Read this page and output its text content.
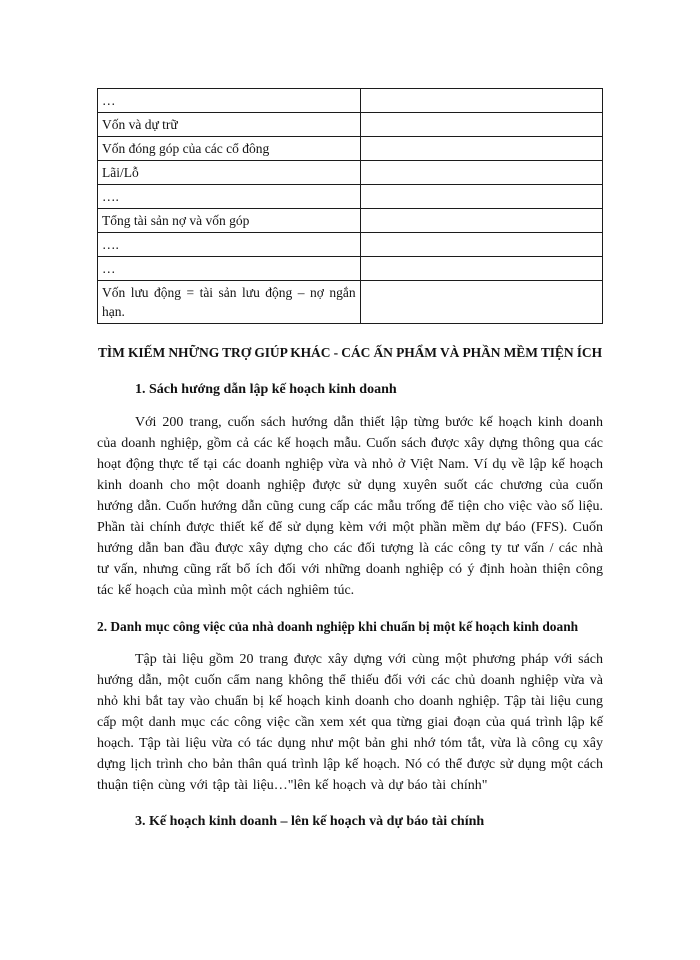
…	
Vốn và dự trữ	
Vốn đóng góp của các cổ đông	
Lãi/Lỗ	
….	
Tổng tài sản nợ và vốn góp	
….	
…	
Vốn lưu động = tài sản lưu động – nợ ngắn hạn.	
TÌM KIẾM NHỮNG TRỢ GIÚP KHÁC - CÁC ẤN PHẨM VÀ PHẦN MỀM TIỆN ÍCH
1. Sách hướng dẫn lập kế hoạch kinh doanh

Với 200 trang, cuốn sách hướng dẫn thiết lập từng bước kế hoạch kinh doanh của doanh nghiệp, gồm cả các kế hoạch mẫu. Cuốn sách được xây dựng thông qua các hoạt động thực tế tại các doanh nghiệp vừa và nhỏ ở Việt Nam. Ví dụ về lập kế hoạch kinh doanh cho một doanh nghiệp được sử dụng xuyên suốt các chương của cuốn hướng dẫn. Cuốn hướng dẫn cũng cung cấp các mẫu trống để tiện cho việc vào số liệu. Phần tài chính được thiết kế để sử dụng kèm với một phần mềm dự báo (FFS). Cuốn hướng dẫn ban đầu được xây dựng cho các đối tượng là các công ty tư vấn / các nhà tư vấn, nhưng cũng rất bổ ích đối với những doanh nghiệp có ý định hoàn thiện công tác kế hoạch của mình một cách nghiêm túc.

2. Danh mục công việc của nhà doanh nghiệp khi chuẩn bị một kế hoạch kinh doanh

Tập tài liệu gồm 20 trang được xây dựng với cùng một phương pháp với sách hướng dẫn, một cuốn cẩm nang không thể thiếu đối với các chủ doanh nghiệp vừa và nhỏ khi bắt tay vào chuẩn bị kế hoạch kinh doanh cho doanh nghiệp. Tập tài liệu cung cấp một danh mục các công việc cần xem xét qua từng giai đoạn của quá trình lập kế hoạch. Tập tài liệu vừa có tác dụng như một bản ghi nhớ tóm tắt, vừa là công cụ xây dựng lịch trình cho bản thân quá trình lập kế hoạch. Nó có thể được sử dụng một cách thuận tiện cùng với tập tài liệu…"lên kế hoạch và dự báo tài chính"

3. Kế hoạch kinh doanh – lên kế hoạch và dự báo tài chính
